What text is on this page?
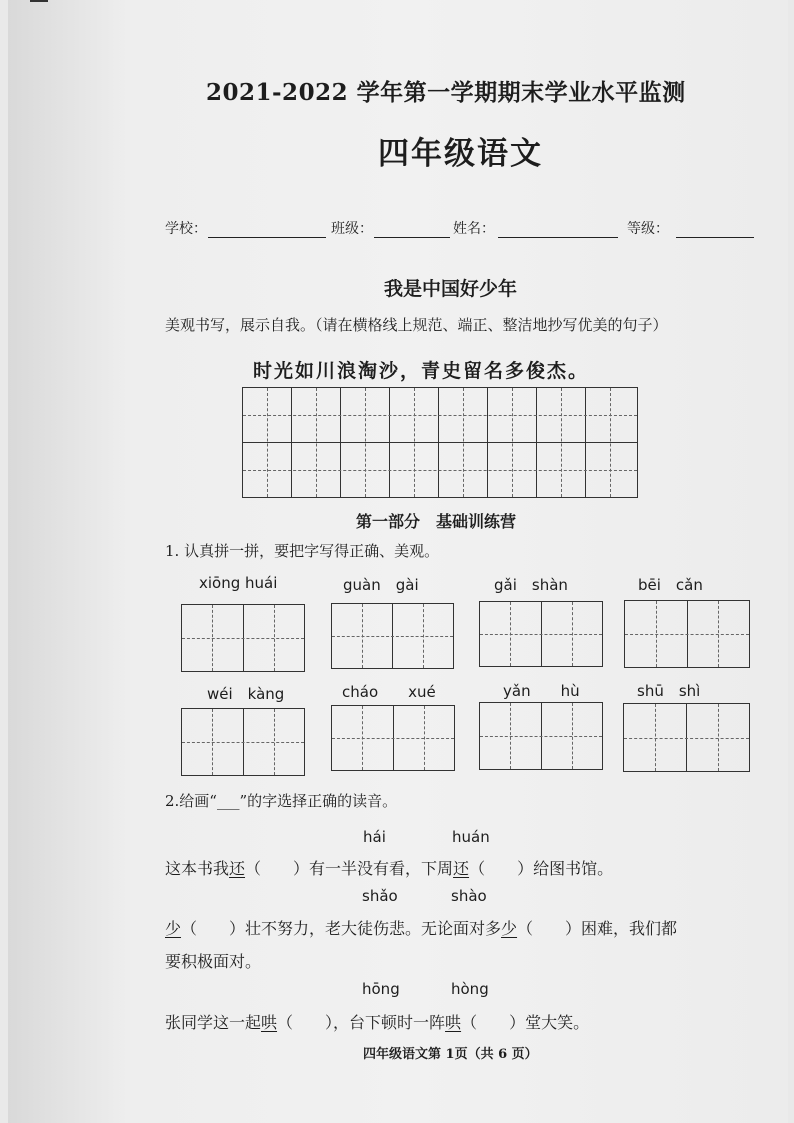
2021-2022 学年第一学期期末学业水平监测
四年级语文
学校：	班级：	姓名：	等级：
我是中国好少年
美观书写，展示自我。（请在横格线上规范、端正、整洁地抄写优美的句子）
时光如川浪淘沙，青史留名多俊杰。
第一部分　基础训练营
1. 认真拼一拼，要把字写得正确、美观。
xiōng huái	guàn　gài	gǎi　shàn	bēi　cǎn
wéi　kàng	cháo　　xué	yǎn　　hù	shū　shì
2.给画“___”的字选择正确的读音。
hái	huán
这本书我还（　　）有一半没有看，下周还（　　）给图书馆。
shǎo	shào
少（　　）壮不努力，老大徒伤悲。无论面对多少（　　）困难，我们都
要积极面对。
hōng	hòng
张同学这一起哄（　　），台下顿时一阵哄（　　）堂大笑。
四年级语文第 1页（共 6 页）
